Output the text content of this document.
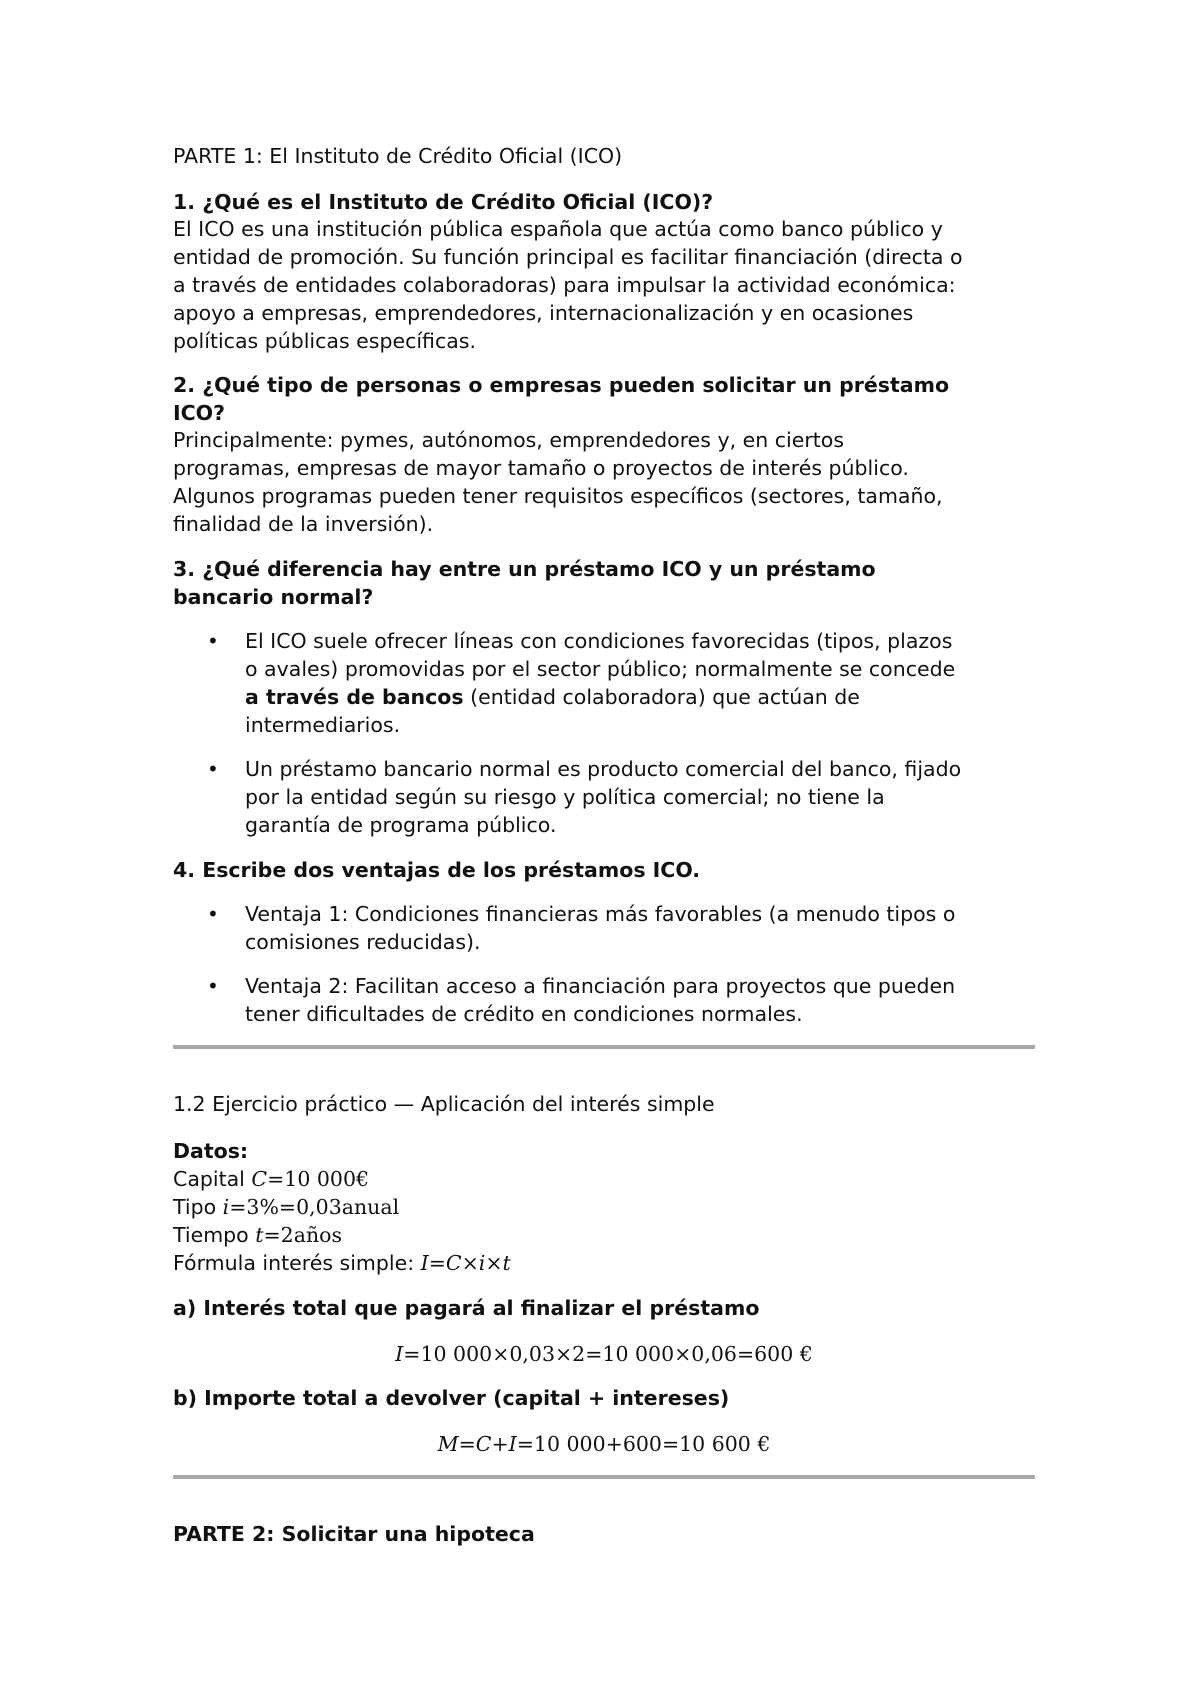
PARTE 1: El Instituto de Crédito Oficial (ICO)
1. ¿Qué es el Instituto de Crédito Oficial (ICO)?
El ICO es una institución pública española que actúa como banco público y
entidad de promoción. Su función principal es facilitar financiación (directa o
a través de entidades colaboradoras) para impulsar la actividad económica:
apoyo a empresas, emprendedores, internacionalización y en ocasiones
políticas públicas específicas.
2. ¿Qué tipo de personas o empresas pueden solicitar un préstamo
ICO?
Principalmente: pymes, autónomos, emprendedores y, en ciertos
programas, empresas de mayor tamaño o proyectos de interés público.
Algunos programas pueden tener requisitos específicos (sectores, tamaño,
finalidad de la inversión).
3. ¿Qué diferencia hay entre un préstamo ICO y un préstamo
bancario normal?
• El ICO suele ofrecer líneas con condiciones favorecidas (tipos, plazos
o avales) promovidas por el sector público; normalmente se concede
a través de bancos (entidad colaboradora) que actúan de
intermediarios.
• Un préstamo bancario normal es producto comercial del banco, fijado
por la entidad según su riesgo y política comercial; no tiene la
garantía de programa público.
4. Escribe dos ventajas de los préstamos ICO.
• Ventaja 1: Condiciones financieras más favorables (a menudo tipos o
comisiones reducidas).
• Ventaja 2: Facilitan acceso a financiación para proyectos que pueden
tener dificultades de crédito en condiciones normales.
1.2 Ejercicio práctico — Aplicación del interés simple
Datos:
Capital C=10 000€
Tipo i=3%=0,03anual
Tiempo t=2años
Fórmula interés simple: I=C×i×t
a) Interés total que pagará al finalizar el préstamo
I=10 000×0,03×2=10 000×0,06=600 €
b) Importe total a devolver (capital + intereses)
M=C+I=10 000+600=10 600 €
PARTE 2: Solicitar una hipoteca
